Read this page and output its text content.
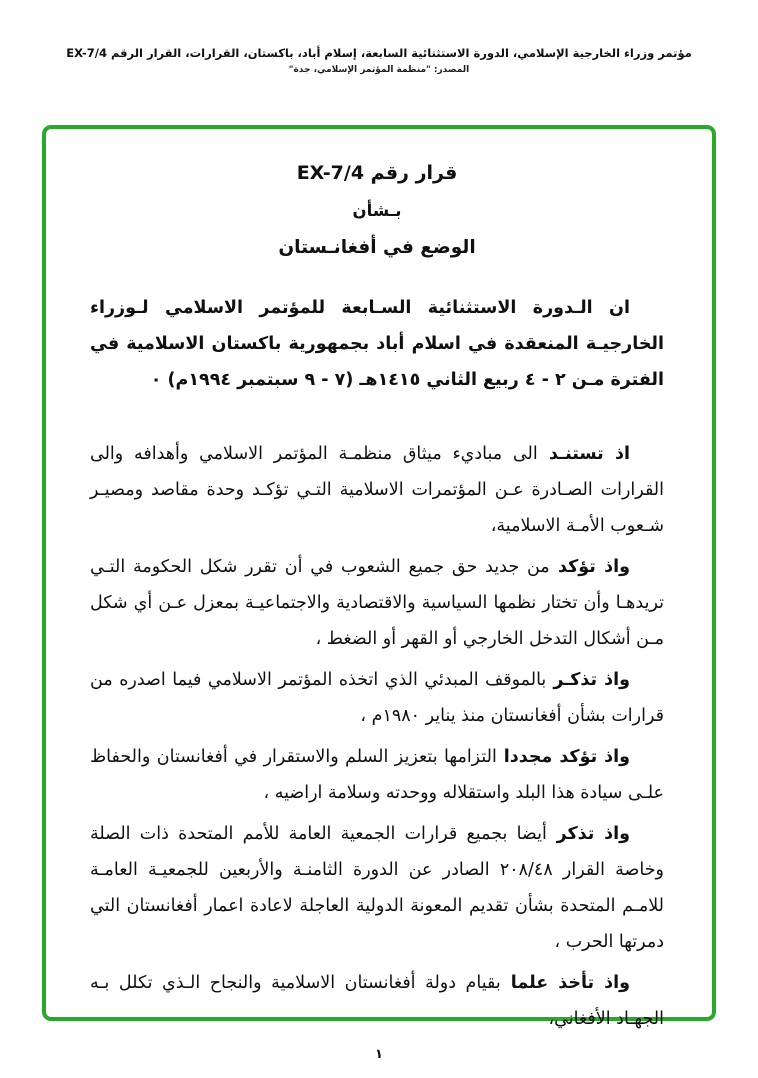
مؤتمر وزراء الخارجية الإسلامي، الدورة الاستثنائية السابعة، إسلام أباد، باكستان، القرارات، القرار الرقم EX-7/4
المصدر: "منظمة المؤتمر الإسلامي، جدة"
قرار رقم EX-7/4
بـشأن
الوضع في أفغانـستان

ان الـدورة الاستثنائية السـابعة للمؤتمر الاسلامي لـوزراء الخارجيـة المنعقدة في اسلام أباد بجمهورية باكستان الاسلامية في الفترة مـن ٢ - ٤ ربيع الثاني ١٤١٥هـ (٧ - ٩ سبتمبر ١٩٩٤م) ٠

اذ تستنـد الى مباديء ميثاق منظمـة المؤتمر الاسلامي وأهدافه والى القرارات الصـادرة عـن المؤتمرات الاسلامية التـي تؤكـد وحدة مقاصد ومصيـر شـعوب الأمـة الاسلامية،

واذ تؤكد من جديد حق جميع الشعوب في أن تقرر شكل الحكومة التـي تريدهـا وأن تختار نظمها السياسية والاقتصادية والاجتماعيـة بمعزل عـن أي شكل مـن أشكال التدخل الخارجي أو القهر أو الضغط ،

واذ تذكـر بالموقف المبدئي الذي اتخذه المؤتمر الاسلامي فيما اصدره من قرارات بشأن أفغانستان منذ يناير ١٩٨٠م ،

واذ تؤكد مجددا التزامها بتعزيز السلم والاستقرار في أفغانستان والحفاظ علـى سيادة هذا البلد واستقلاله ووحدته وسلامة اراضيه ،

واذ تذكر أيضا بجميع قرارات الجمعية العامة للأمم المتحدة ذات الصلة وخاصة القرار ٢٠٨/٤٨ الصادر عن الدورة الثامنـة والأربعين للجمعيـة العامـة للامـم المتحدة بشأن تقديم المعونة الدولية العاجلة لاعادة اعمار أفغانستان التي دمرتها الحرب ،

واذ تأخذ علما بقيام دولة أفغانستان الاسلامية والنجاح الـذي تكلل بـه الجهـاد الأفغاني،

١
